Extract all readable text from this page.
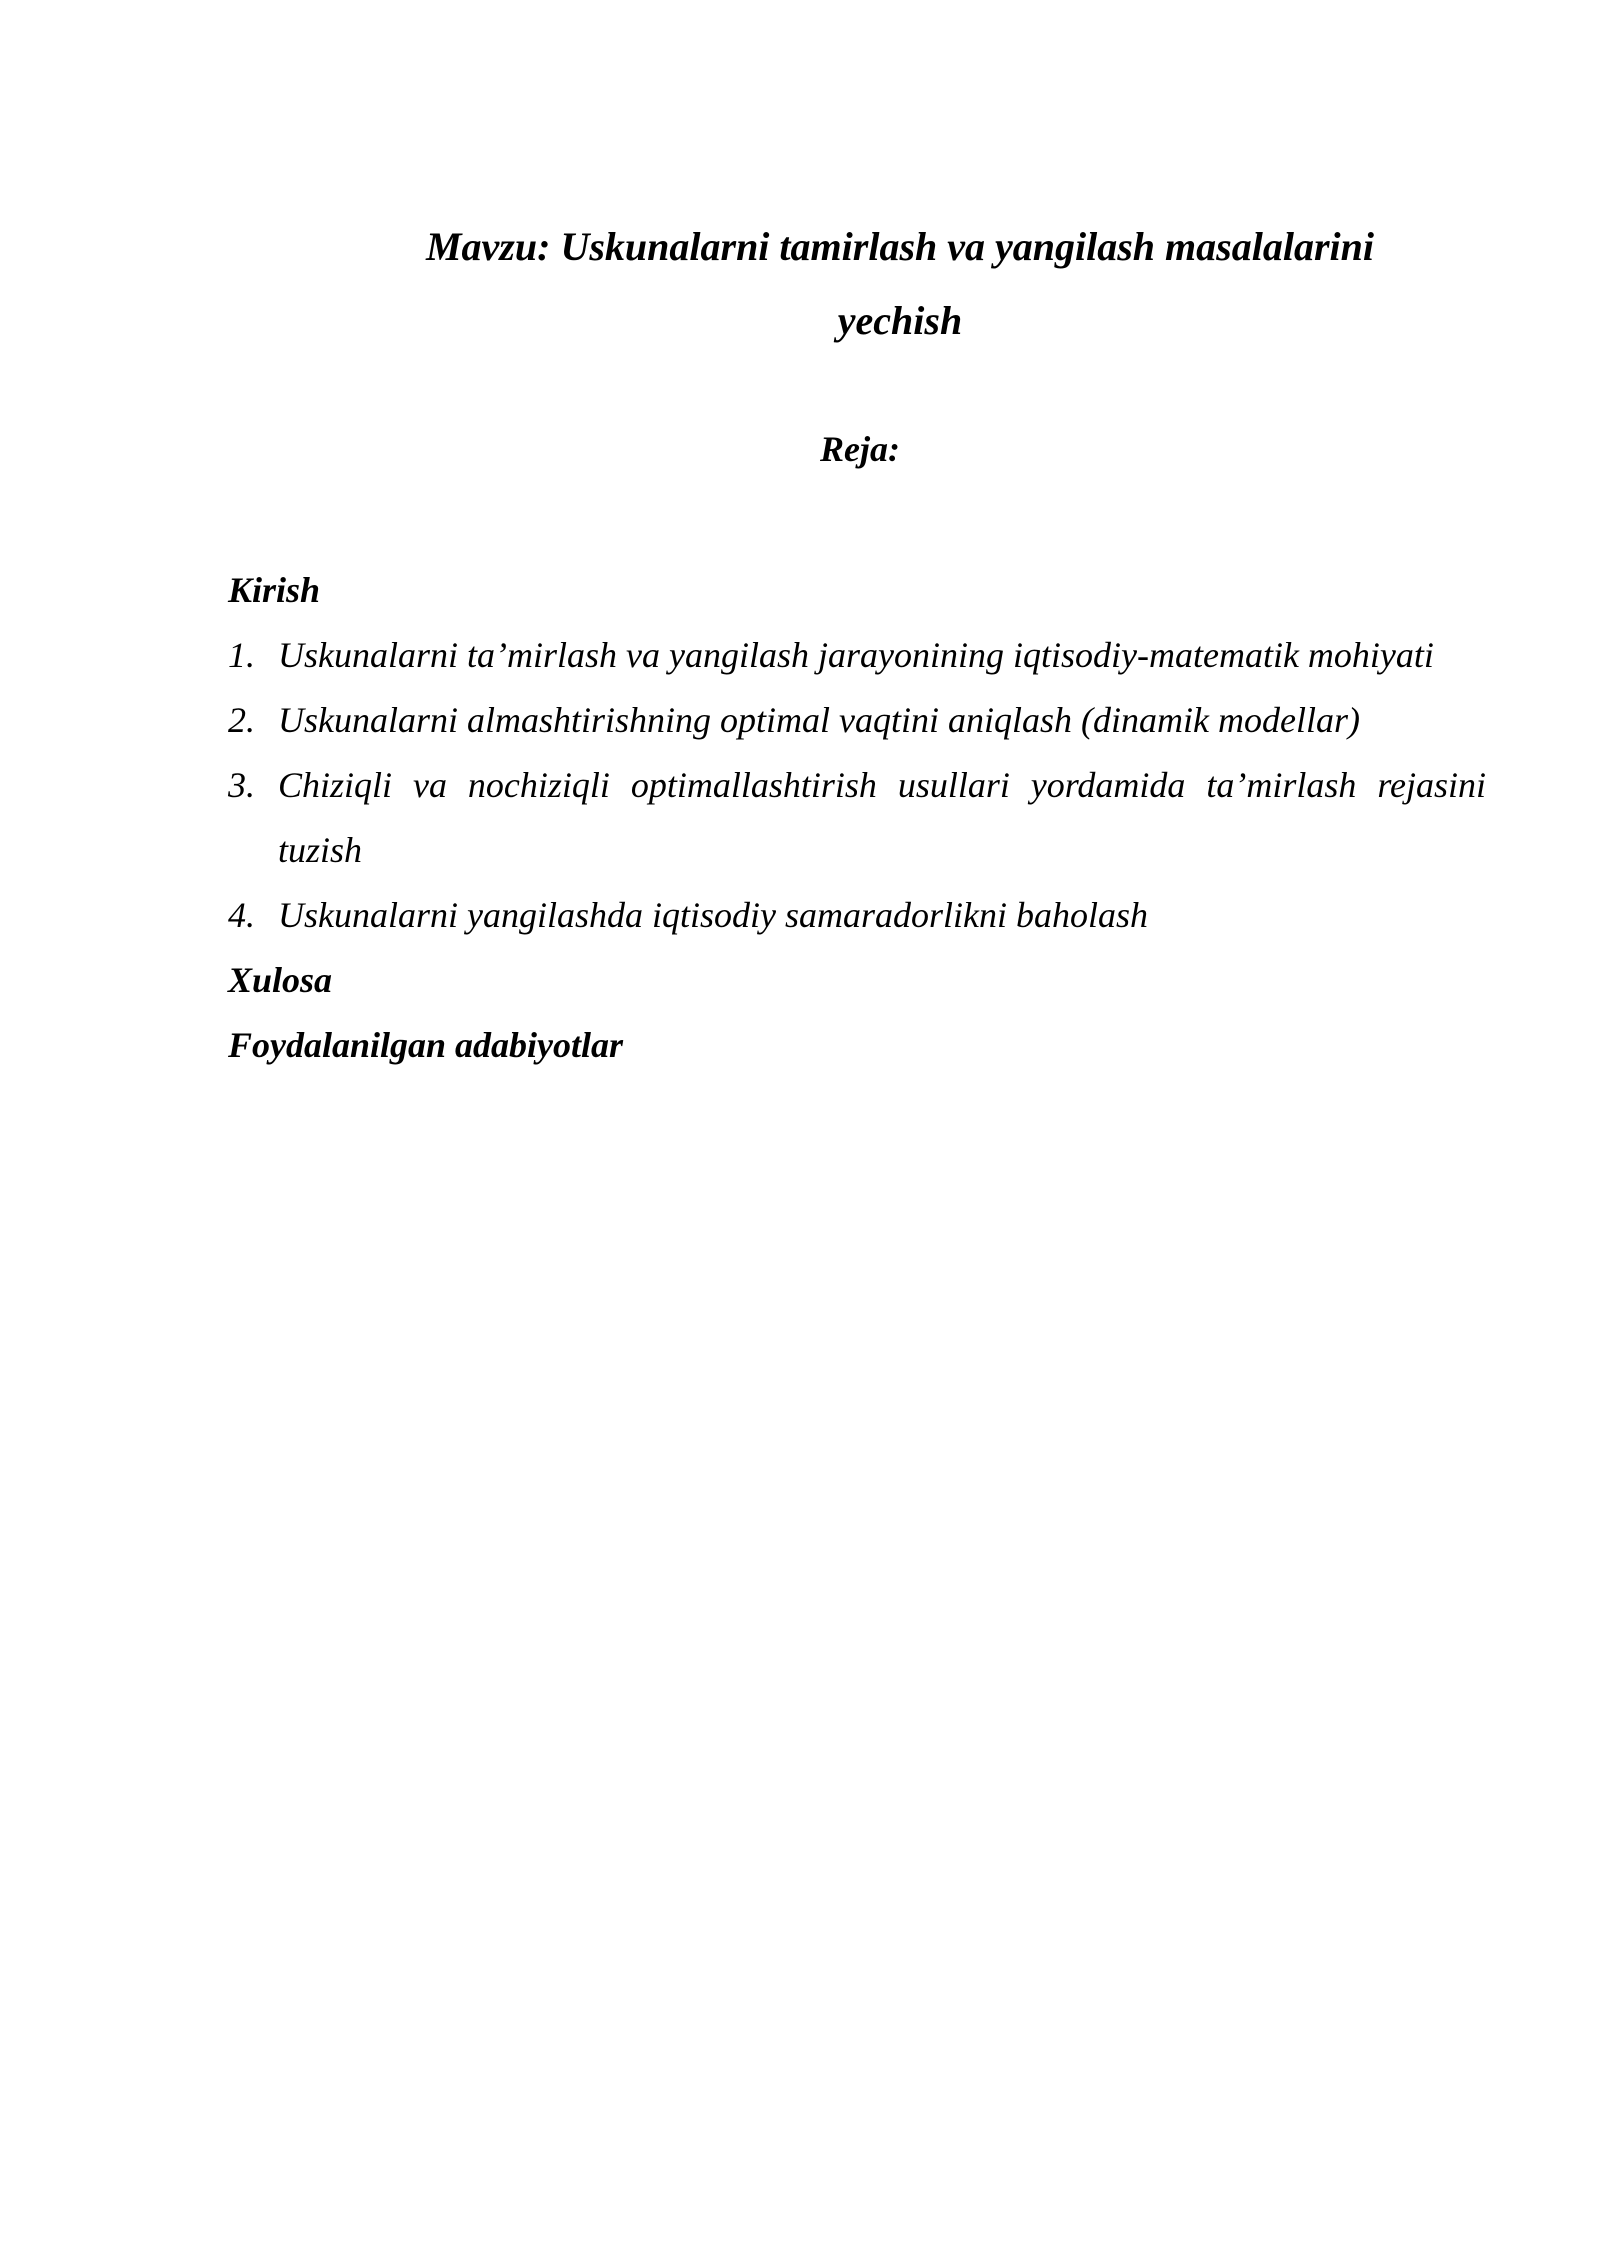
Mavzu: Uskunalarni tamirlash va yangilash masalalarini
yechish
Reja:
Kirish
1. Uskunalarni ta’mirlash va yangilash jarayonining iqtisodiy-matematik mohiyati
2. Uskunalarni almashtirishning optimal vaqtini aniqlash (dinamik modellar)
3. Chiziqli va nochiziqli optimallashtirish usullari yordamida ta’mirlash rejasini tuzish
4. Uskunalarni yangilashda iqtisodiy samaradorlikni baholash
Xulosa
Foydalanilgan adabiyotlar
